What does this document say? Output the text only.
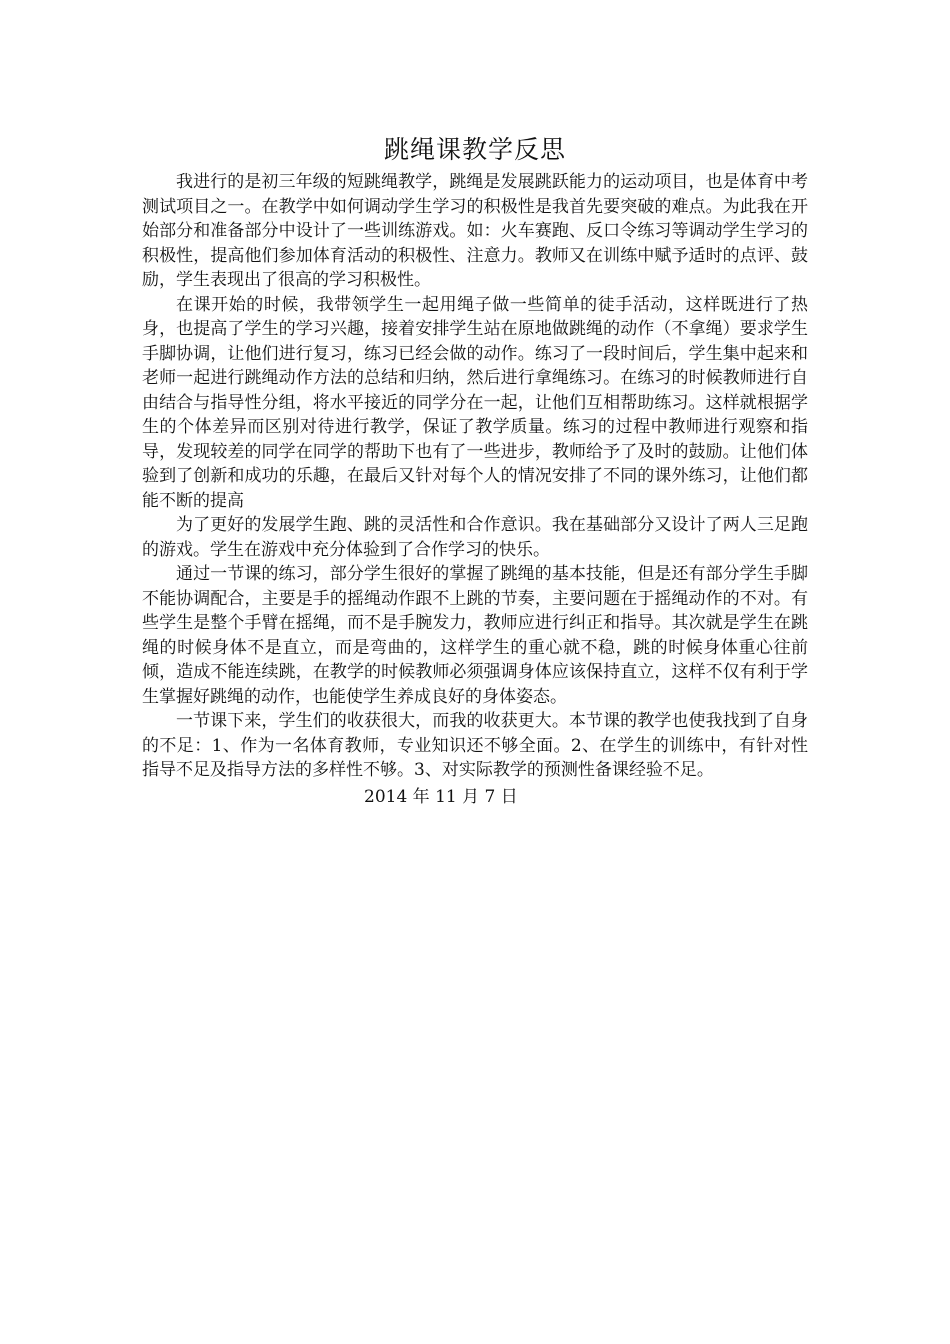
跳绳课教学反思

我进行的是初三年级的短跳绳教学，跳绳是发展跳跃能力的运动项目，也是体育中考测试项目之一。在教学中如何调动学生学习的积极性是我首先要突破的难点。为此我在开始部分和准备部分中设计了一些训练游戏。如：火车赛跑、反口令练习等调动学生学习的积极性，提高他们参加体育活动的积极性、注意力。教师又在训练中赋予适时的点评、鼓励，学生表现出了很高的学习积极性。

在课开始的时候，我带领学生一起用绳子做一些简单的徒手活动，这样既进行了热身，也提高了学生的学习兴趣，接着安排学生站在原地做跳绳的动作（不拿绳）要求学生手脚协调，让他们进行复习，练习已经会做的动作。练习了一段时间后，学生集中起来和老师一起进行跳绳动作方法的总结和归纳，然后进行拿绳练习。在练习的时候教师进行自由结合与指导性分组，将水平接近的同学分在一起，让他们互相帮助练习。这样就根据学生的个体差异而区别对待进行教学，保证了教学质量。练习的过程中教师进行观察和指导，发现较差的同学在同学的帮助下也有了一些进步，教师给予了及时的鼓励。让他们体验到了创新和成功的乐趣，在最后又针对每个人的情况安排了不同的课外练习，让他们都能不断的提高

为了更好的发展学生跑、跳的灵活性和合作意识。我在基础部分又设计了两人三足跑的游戏。学生在游戏中充分体验到了合作学习的快乐。

通过一节课的练习，部分学生很好的掌握了跳绳的基本技能，但是还有部分学生手脚不能协调配合，主要是手的摇绳动作跟不上跳的节奏，主要问题在于摇绳动作的不对。有些学生是整个手臂在摇绳，而不是手腕发力，教师应进行纠正和指导。其次就是学生在跳绳的时候身体不是直立，而是弯曲的，这样学生的重心就不稳，跳的时候身体重心往前倾，造成不能连续跳，在教学的时候教师必须强调身体应该保持直立，这样不仅有利于学生掌握好跳绳的动作，也能使学生养成良好的身体姿态。

一节课下来，学生们的收获很大，而我的收获更大。本节课的教学也使我找到了自身的不足：1、作为一名体育教师，专业知识还不够全面。2、在学生的训练中，有针对性指导不足及指导方法的多样性不够。3、对实际教学的预测性备课经验不足。

2014 年 11 月 7 日
